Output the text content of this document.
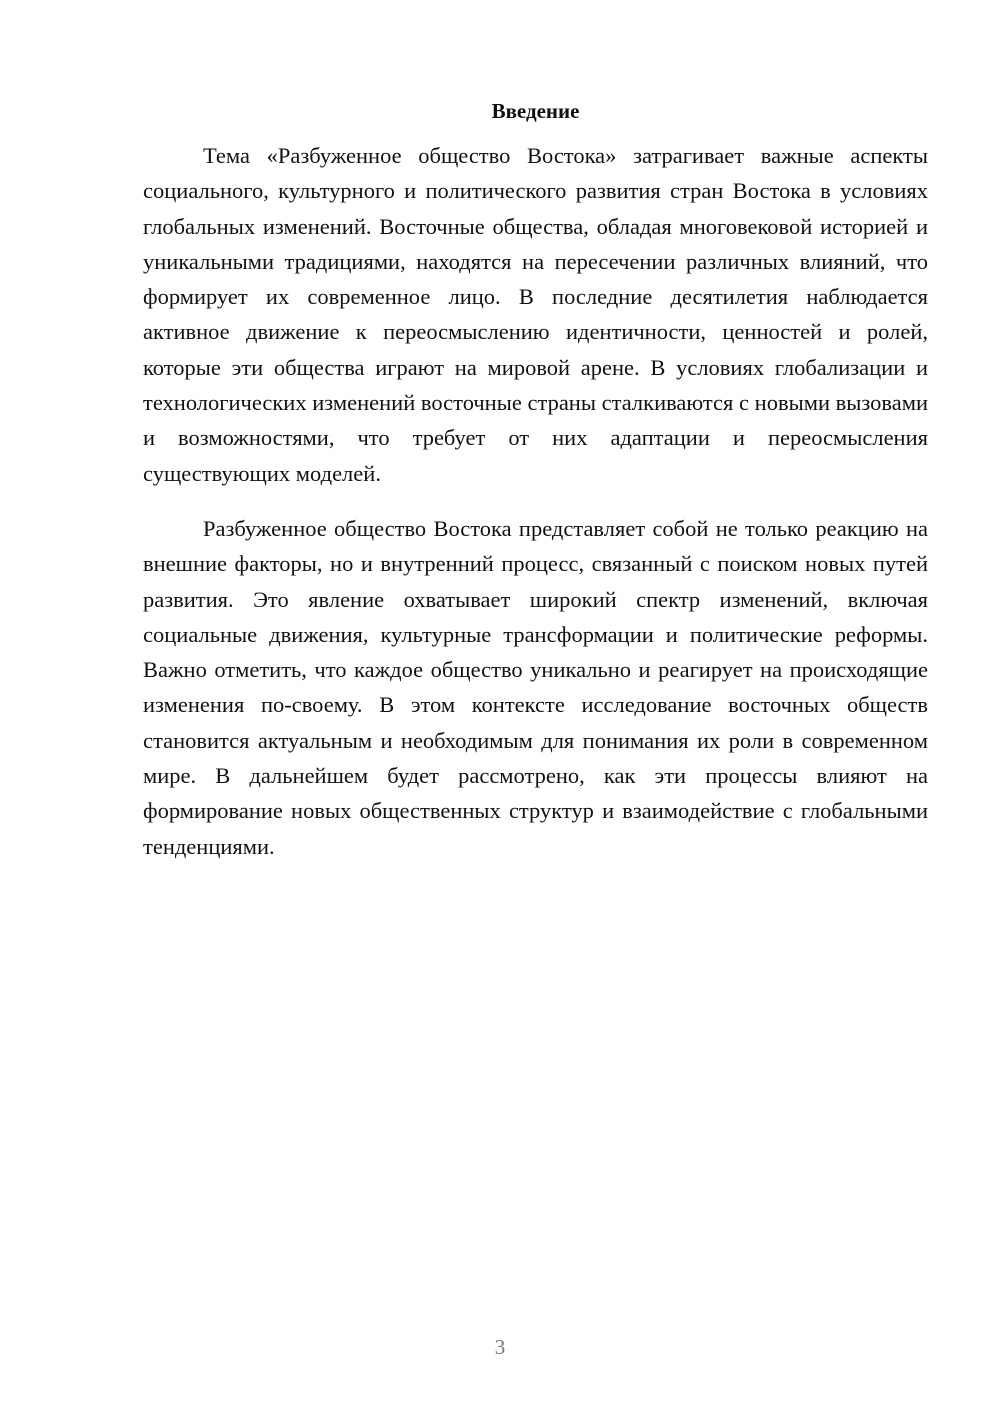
Введение

Тема «Разбуженное общество Востока» затрагивает важные аспекты социального, культурного и политического развития стран Востока в условиях глобальных изменений. Восточные общества, обладая многовековой историей и уникальными традициями, находятся на пересечении различных влияний, что формирует их современное лицо. В последние десятилетия наблюдается активное движение к переосмыслению идентичности, ценностей и ролей, которые эти общества играют на мировой арене. В условиях глобализации и технологических изменений восточные страны сталкиваются с новыми вызовами и возможностями, что требует от них адаптации и переосмысления существующих моделей.

Разбуженное общество Востока представляет собой не только реакцию на внешние факторы, но и внутренний процесс, связанный с поиском новых путей развития. Это явление охватывает широкий спектр изменений, включая социальные движения, культурные трансформации и политические реформы. Важно отметить, что каждое общество уникально и реагирует на происходящие изменения по-своему. В этом контексте исследование восточных обществ становится актуальным и необходимым для понимания их роли в современном мире. В дальнейшем будет рассмотрено, как эти процессы влияют на формирование новых общественных структур и взаимодействие с глобальными тенденциями.

3
